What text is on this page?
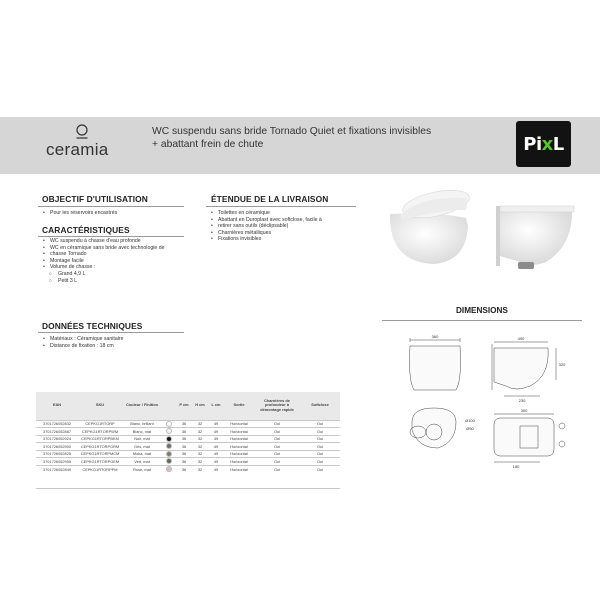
ceramia
WC suspendu sans bride Tornado Quiet et fixations invisibles
+ abattant frein de chute	Pi x L
OBJECTIF D'UTILISATION
• Pour les réservoirs encastrés
CARACTÉRISTIQUES
• WC suspendu à chasse d'eau profonde
• WC en céramique sans bride avec technologie de
• chasse Tornado
• Montage facile
• Volume de chasse :
○ Grand 4,9 L
○ Petit 3 L
ÉTENDUE DE LA LIVRAISON
• Toilettes en céramique
• Abattant en Duroplast avec softclose, facile à
• retirer sans outils (déclipsable)
• Charnières métalliques
• Fixations invisibles
DONNÉES TECHNIQUES
• Matériaux : Céramique sanitaire
• Distance de fixation : 18 cm
DIMENSIONS
360	490
320
230
Ø100
Ø50
300
180
EAN	SKU	Couleur / Finition		P cm	H cm	L cm	Sortie	Charnières de profondeur à démontage rapide	Softclose
3701726052832	CEPKG1RTORP	Blanc, brillant		36	32	49	Horizontal	Oui	Oui
3701726052887	CEPKG1RTORPWM	Blanc, mat		36	32	49	Horizontal	Oui	Oui
3701726052924	CEPKG1RTORPBKM	Noir, mat		36	32	49	Horizontal	Oui	Oui
3701726052900	CEPKG1RTORPGRM	Gris, mat		36	32	49	Horizontal	Oui	Oui
3701726052825	CEPKG1RTORPMCM	Moka, mat		36	32	49	Horizontal	Oui	Oui
3701726052955	CEPKG1RTORPGEM	Vert, mat		36	32	49	Horizontal	Oui	Oui
3701726052849	CEPKG1RTORPPM	Rose, mat		36	32	49	Horizontal	Oui	Oui
